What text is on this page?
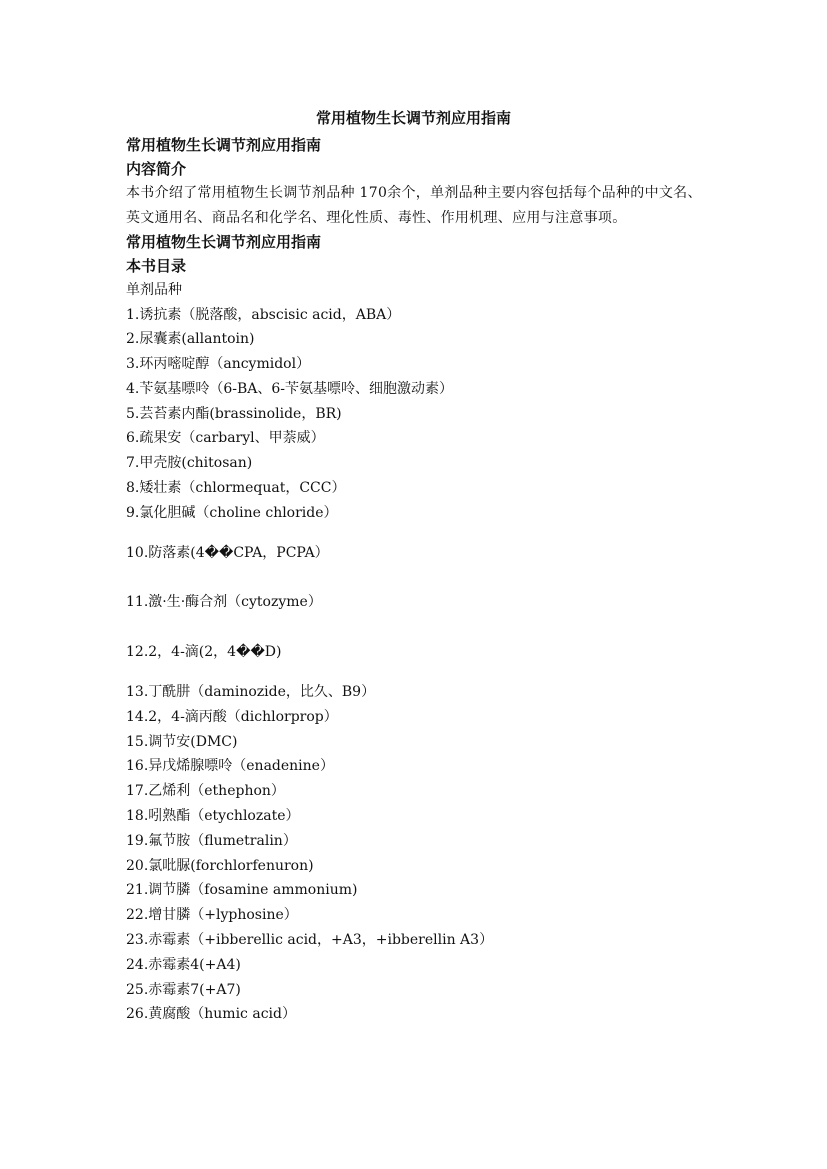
常用植物生长调节剂应用指南
常用植物生长调节剂应用指南
内容简介

本书介绍了常用植物生长调节剂品种 170余个，单剂品种主要内容包括每个品种的中文名、英文通用名、商品名和化学名、理化性质、毒性、作用机理、应用与注意事项。

常用植物生长调节剂应用指南
本书目录
单剂品种
1.诱抗素（脱落酸，abscisic acid，ABA）
2.尿囊素(allantoin)
3.环丙嘧啶醇（ancymidol）
4.苄氨基嘌呤（6-BA、6-苄氨基嘌呤、细胞激动素）
5.芸苔素内酯(brassinolide，BR)
6.疏果安（carbaryl、甲萘威）
7.甲壳胺(chitosan)
8.矮壮素（chlormequat，CCC）
9.氯化胆碱（choline chloride）
10.防落素(4��CPA，PCPA）
11.激·生·酶合剂（cytozyme）
12.2，4-滴(2，4��D)
13.丁酰肼（daminozide，比久、B9）
14.2，4-滴丙酸（dichlorprop）
15.调节安(DMC)
16.异戊烯腺嘌呤（enadenine）
17.乙烯利（ethephon）
18.吲熟酯（etychlozate）
19.氟节胺（flumetralin）
20.氯吡脲(forchlorfenuron)
21.调节膦（fosamine ammonium)
22.增甘膦（+lyphosine）
23.赤霉素（+ibberellic acid，+A3，+ibberellin A3）
24.赤霉素4(+A4)
25.赤霉素7(+A7)
26.黄腐酸（humic acid）
